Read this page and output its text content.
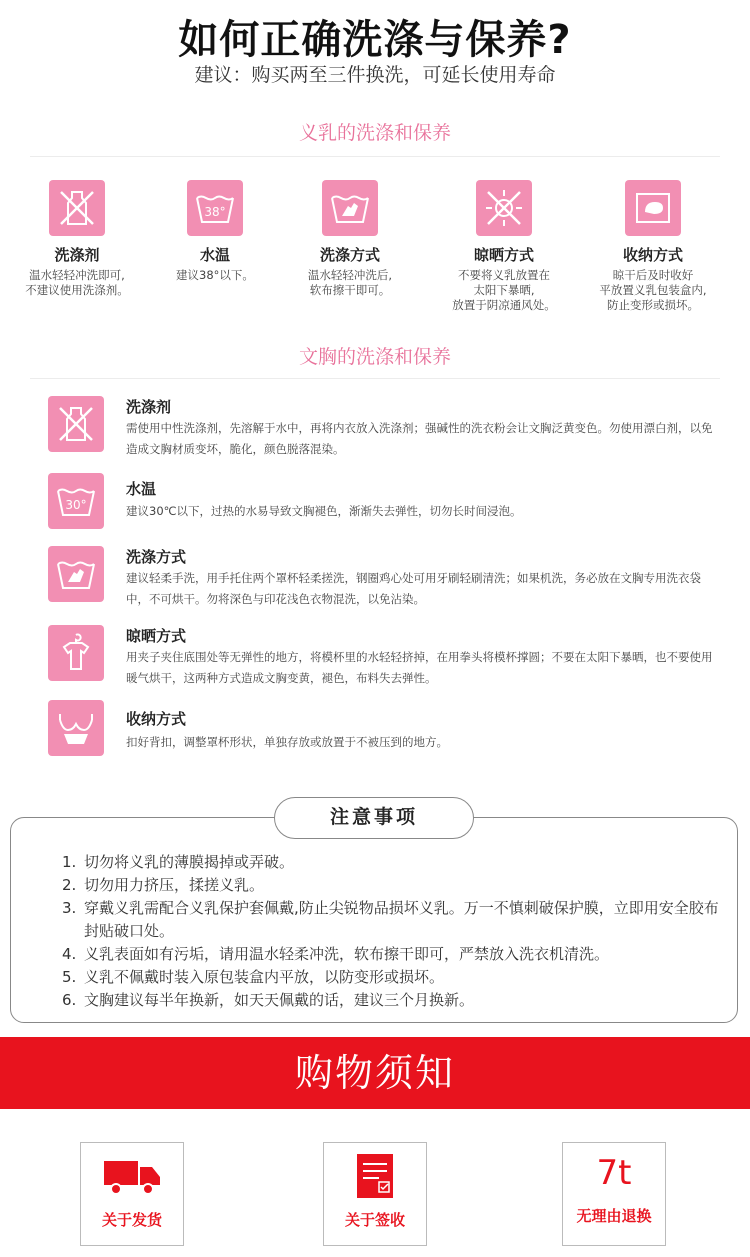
如何正确洗涤与保养?
建议：购买两至三件换洗，可延长使用寿命
义乳的洗涤和保养
洗涤剂
温水轻轻冲洗即可,
不建议使用洗涤剂。
38°
水温
建议38°以下。
洗涤方式
温水轻轻冲洗后,
软布擦干即可。
晾晒方式
不要将义乳放置在
太阳下暴晒,
放置于阴凉通风处。
收纳方式
晾干后及时收好
平放置义乳包装盒内,
防止变形或损坏。
文胸的洗涤和保养
洗涤剂
需使用中性洗涤剂，先溶解于水中，再将内衣放入洗涤剂；强碱性的洗衣粉会让文胸泛黄变色。勿使用漂白剂，以免造成文胸材质变坏，脆化，颜色脱落混染。
30°
水温
建议30℃以下，过热的水易导致文胸褪色，渐渐失去弹性，切勿长时间浸泡。
洗涤方式
建议轻柔手洗，用手托住两个罩杯轻柔搓洗，钢圈鸡心处可用牙刷轻刷清洗；如果机洗，务必放在文胸专用洗衣袋中，不可烘干。勿将深色与印花浅色衣物混洗，以免沾染。
晾晒方式
用夹子夹住底围处等无弹性的地方，将模杯里的水轻轻挤掉，在用拳头将模杯撑圆；不要在太阳下暴晒，也不要使用暖气烘干，这两种方式造成文胸变黄，褪色，布料失去弹性。
收纳方式
扣好背扣，调整罩杯形状，单独存放或放置于不被压到的地方。
注意事项
1. 切勿将义乳的薄膜揭掉或弄破。
2. 切勿用力挤压，揉搓义乳。
3. 穿戴义乳需配合义乳保护套佩戴,防止尖锐物品损坏义乳。万一不慎刺破保护膜，立即用安全胶布封贴破口处。
4. 义乳表面如有污垢，请用温水轻柔冲洗，软布擦干即可，严禁放入洗衣机清洗。
5. 义乳不佩戴时装入原包装盒内平放，以防变形或损坏。
6. 文胸建议每半年换新，如天天佩戴的话，建议三个月换新。
购物须知
关于发货	关于签收
7t
无理由退换
